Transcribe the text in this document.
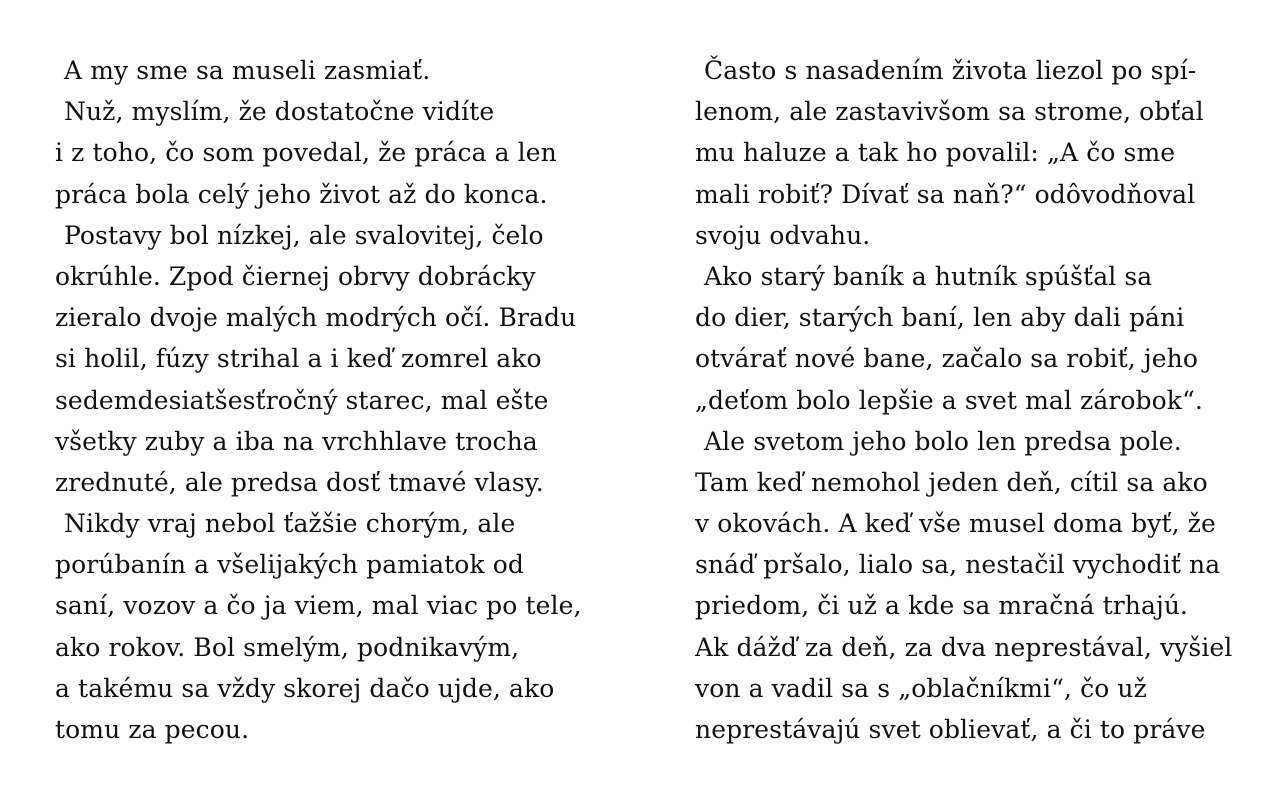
A my sme sa museli zasmiať.
Nuž, myslím, že dostatočne vidíte
i z toho, čo som povedal, že práca a len
práca bola celý jeho život až do konca.
Postavy bol nízkej, ale svalovitej, čelo
okrúhle. Zpod čiernej obrvy dobrácky
zieralo dvoje malých modrých očí. Bradu
si holil, fúzy strihal a i keď zomrel ako
sedemdesiatšesťročný starec, mal ešte
všetky zuby a iba na vrchhlave trocha
zrednuté, ale predsa dosť tmavé vlasy.
Nikdy vraj nebol ťažšie chorým, ale
porúbanín a všelijakých pamiatok od
saní, vozov a čo ja viem, mal viac po tele,
ako rokov. Bol smelým, podnikavým,
a takému sa vždy skorej dačo ujde, ako
tomu za pecou.
Často s nasadením života liezol po spí-
lenom, ale zastavivšom sa strome, obťal
mu haluze a tak ho povalil: „A čo sme
mali robiť? Dívať sa naň?“ odôvodňoval
svoju odvahu.
Ako starý baník a hutník spúšťal sa
do dier, starých baní, len aby dali páni
otvárať nové bane, začalo sa robiť, jeho
„deťom bolo lepšie a svet mal zárobok“.
Ale svetom jeho bolo len predsa pole.
Tam keď nemohol jeden deň, cítil sa ako
v okovách. A keď vše musel doma byť, že
snáď pršalo, lialo sa, nestačil vychodiť na
priedom, či už a kde sa mračná trhajú.
Ak dážď za deň, za dva neprestával, vyšiel
von a vadil sa s „oblačníkmi“, čo už
neprestávajú svet oblievať, a či to práve
